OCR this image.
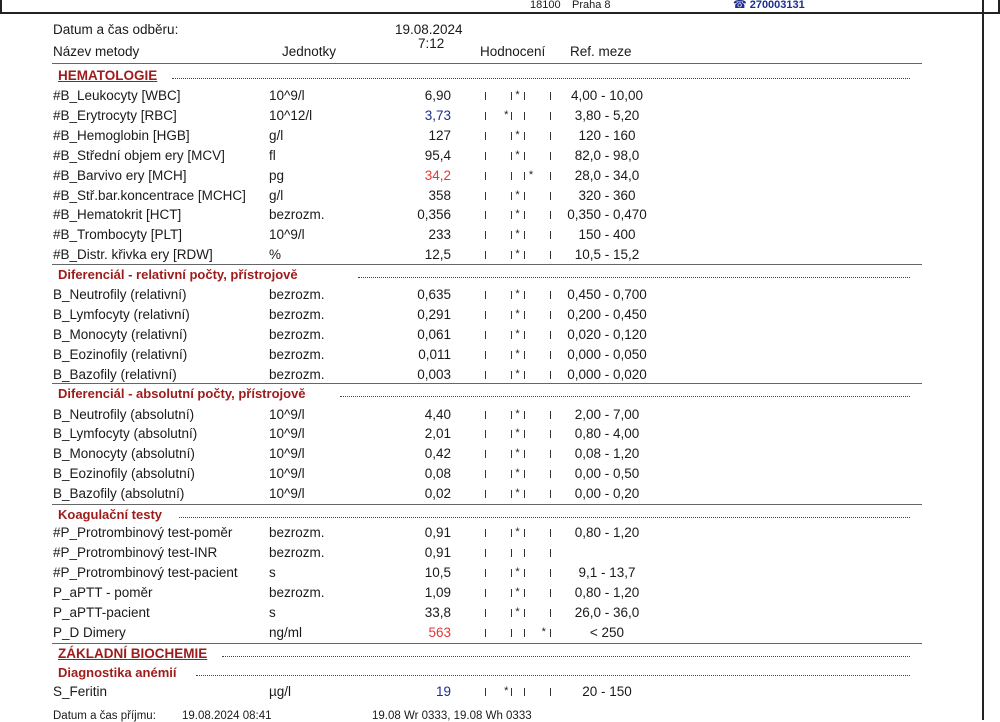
18100 Praha 8	☎ 270003131
Datum a čas odběru:	19.08.2024
7:12
Název metody	Jednotky	Hodnocení Ref. meze
HEMATOLOGIE
Diferenciál - relativní počty, přístrojově
Diferenciál - absolutní počty, přístrojově
Koagulační testy
ZÁKLADNÍ BIOCHEMIE
Diagnostika anémií
#B_Leukocyty [WBC]	10^9/l	6,90	*	4,00 - 10,00
#B_Erytrocyty [RBC]	10^12/l	3,73	*	3,80 - 5,20
#B_Hemoglobin [HGB]	g/l	127	*	120 - 160
#B_Střední objem ery [MCV]	fl	95,4	*	82,0 - 98,0
#B_Barvivo ery [MCH]	pg	34,2	*	28,0 - 34,0
#B_Stř.bar.koncentrace [MCHC] g/l	358	*	320 - 360
#B_Hematokrit [HCT]	bezrozm.	0,356	*	0,350 - 0,470
#B_Trombocyty [PLT]	10^9/l	233	*	150 - 400
#B_Distr. křivka ery [RDW]	%	12,5	*	10,5 - 15,2
B_Neutrofily (relativní)	bezrozm.	0,635	*	0,450 - 0,700
B_Lymfocyty (relativní)	bezrozm.	0,291	*	0,200 - 0,450
B_Monocyty (relativní)	bezrozm.	0,061	*	0,020 - 0,120
B_Eozinofily (relativní)	bezrozm.	0,011	*	0,000 - 0,050
B_Bazofily (relativní)	bezrozm.	0,003	*	0,000 - 0,020
B_Neutrofily (absolutní)	10^9/l	4,40	*	2,00 - 7,00
B_Lymfocyty (absolutní)	10^9/l	2,01	*	0,80 - 4,00
B_Monocyty (absolutní)	10^9/l	0,42	*	0,08 - 1,20
B_Eozinofily (absolutní)	10^9/l	0,08	*	0,00 - 0,50
B_Bazofily (absolutní)	10^9/l	0,02	*	0,00 - 0,20
#P_Protrombinový test-poměr	bezrozm.	0,91	*	0,80 - 1,20
#P_Protrombinový test-INR	bezrozm.	0,91
#P_Protrombinový test-pacient s	10,5	*	9,1 - 13,7
P_aPTT - poměr	bezrozm.	1,09	*	0,80 - 1,20
P_aPTT-pacient	s	33,8	*	26,0 - 36,0
P_D Dimery	ng/ml	563	*	< 250
S_Feritin	µg/l	19	*	20 - 150
Datum a čas příjmu: 19.08.2024 08:41	19.08 Wr 0333, 19.08 Wh 0333
